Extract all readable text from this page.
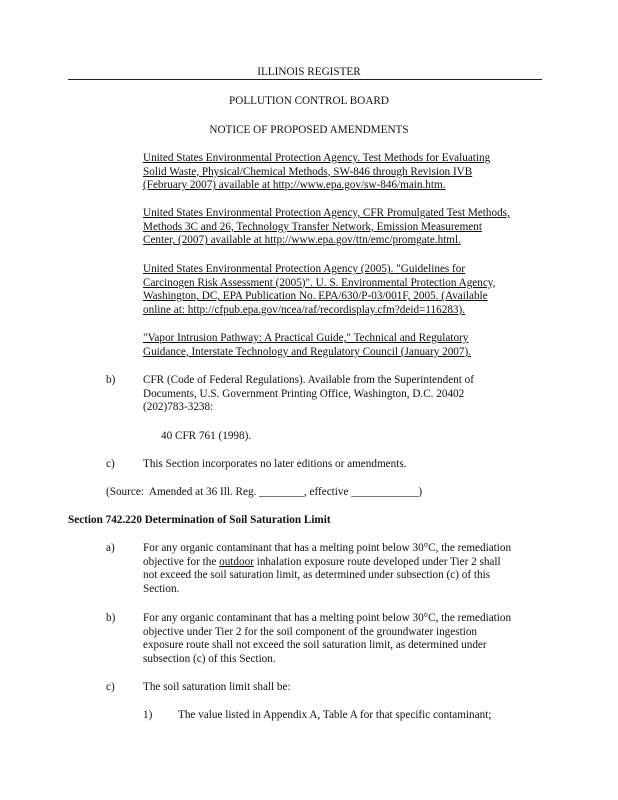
ILLINOIS REGISTER
POLLUTION CONTROL BOARD
NOTICE OF PROPOSED AMENDMENTS
United States Environmental Protection Agency. Test Methods for Evaluating
Solid Waste, Physical/Chemical Methods, SW-846 through Revision IVB
(February 2007) available at http://www.epa.gov/sw-846/main.htm.
United States Environmental Protection Agency, CFR Promulgated Test Methods,
Methods 3C and 26, Technology Transfer Network, Emission Measurement
Center, (2007) available at http://www.epa.gov/ttn/emc/promgate.html.
United States Environmental Protection Agency (2005). "Guidelines for
Carcinogen Risk Assessment (2005)". U. S. Environmental Protection Agency,
Washington, DC, EPA Publication No. EPA/630/P-03/001F, 2005. (Available
online at: http://cfpub.epa.gov/ncea/raf/recordisplay.cfm?deid=116283).
"Vapor Intrusion Pathway: A Practical Guide," Technical and Regulatory
Guidance, Interstate Technology and Regulatory Council (January 2007).
b) CFR (Code of Federal Regulations). Available from the Superintendent of
Documents, U.S. Government Printing Office, Washington, D.C. 20402
(202)783-3238:
40 CFR 761 (1998).
c)	This Section incorporates no later editions or amendments.
(Source:  Amended at 36 Ill. Reg. ________, effective ____________)
Section 742.220 Determination of Soil Saturation Limit
a)	For any organic contaminant that has a melting point below 30°C, the remediation
objective for the outdoor inhalation exposure route developed under Tier 2 shall
not exceed the soil saturation limit, as determined under subsection (c) of this
Section.
b) For any organic contaminant that has a melting point below 30°C, the remediation
objective under Tier 2 for the soil component of the groundwater ingestion
exposure route shall not exceed the soil saturation limit, as determined under
subsection (c) of this Section.
c)	The soil saturation limit shall be:
1) The value listed in Appendix A, Table A for that specific contaminant;
